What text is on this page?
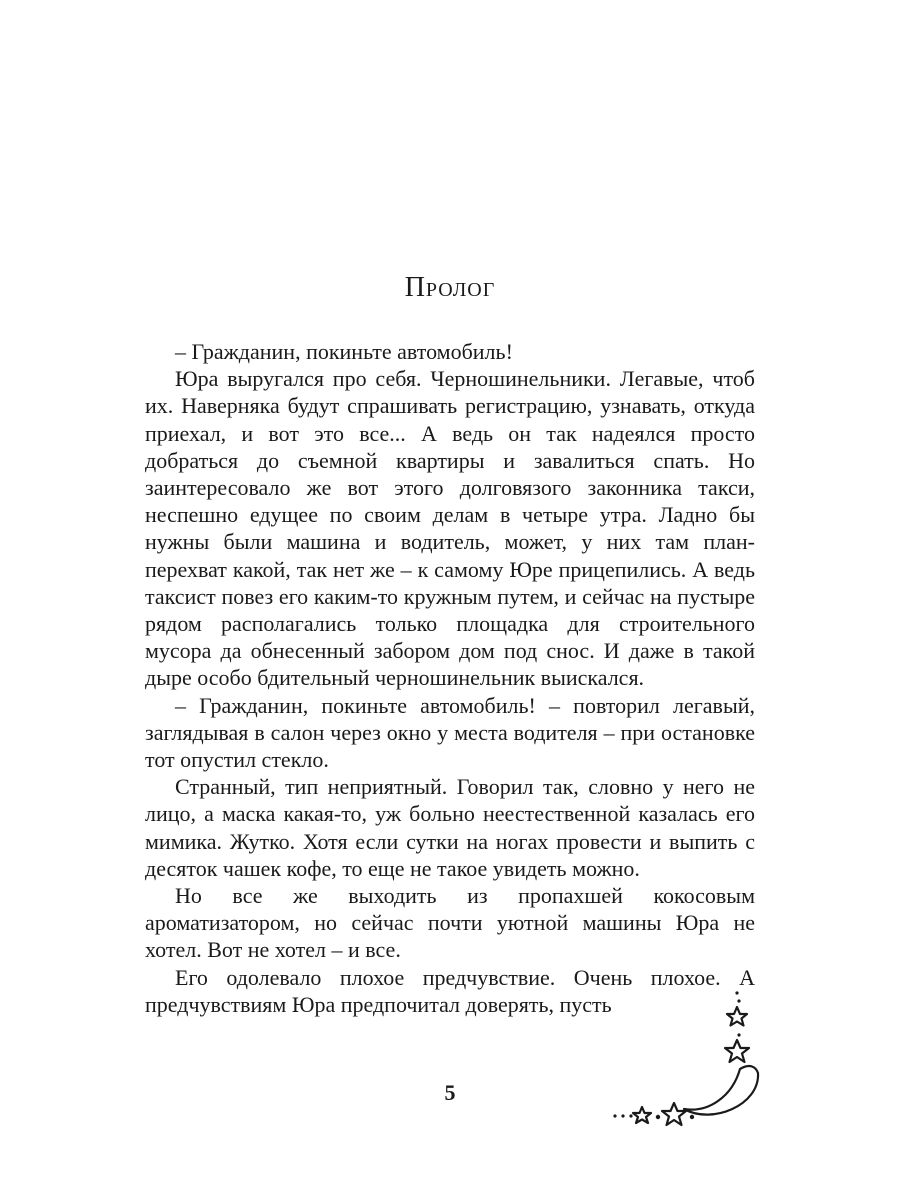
Пролог

– Гражданин, покиньте автомобиль!

Юра выругался про себя. Черношинельники. Легавые, чтоб их. Наверняка будут спрашивать регистрацию, узнавать, откуда приехал, и вот это все... А ведь он так надеялся просто добраться до съемной квартиры и завалиться спать. Но заинтересовало же вот этого долговязого законника такси, неспешно едущее по своим делам в четыре утра. Ладно бы нужны были машина и водитель, может, у них там план-перехват какой, так нет же – к самому Юре прицепились. А ведь таксист повез его каким-то кружным путем, и сейчас на пустыре рядом располагались только площадка для строительного мусора да обнесенный забором дом под снос. И даже в такой дыре особо бдительный черношинельник выискался.

– Гражданин, покиньте автомобиль! – повторил легавый, заглядывая в салон через окно у места водителя – при остановке тот опустил стекло.

Странный, тип неприятный. Говорил так, словно у него не лицо, а маска какая-то, уж больно неестественной казалась его мимика. Жутко. Хотя если сутки на ногах провести и выпить с десяток чашек кофе, то еще не такое увидеть можно.

Но все же выходить из пропахшей кокосовым ароматизатором, но сейчас почти уютной машины Юра не хотел. Вот не хотел – и все.

Его одолевало плохое предчувствие. Очень плохое. А предчувствиям Юра предпочитал доверять, пусть

5
